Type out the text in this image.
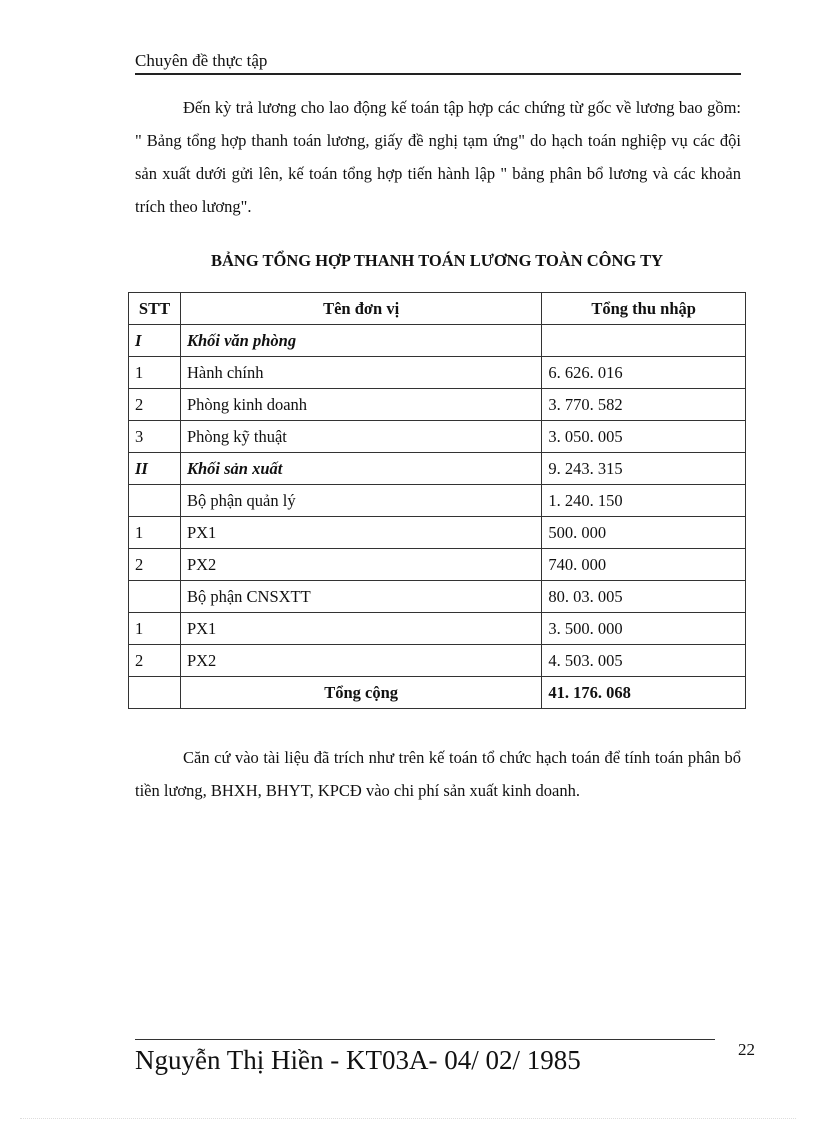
Chuyên đề thực tập

Đến kỳ trả lương cho lao động kế toán tập hợp các chứng từ gốc về lương bao gồm: " Bảng tổng hợp thanh toán lương, giấy đề nghị tạm ứng" do hạch toán nghiệp vụ các đội sản xuất dưới gửi lên, kế toán tổng hợp tiến hành lập " bảng phân bổ lương và các khoản trích theo lương".

BẢNG TỔNG HỢP THANH TOÁN LƯƠNG TOÀN CÔNG TY
STT	Tên đơn vị	Tổng thu nhập
I	Khối văn phòng	
1	Hành chính	6. 626. 016
2	Phòng kinh doanh	3. 770. 582
3	Phòng kỹ thuật	3. 050. 005
II	Khối sản xuất	9. 243. 315
	Bộ phận quản lý	1. 240. 150
1	PX1	500. 000
2	PX2	740. 000
	Bộ phận CNSXTT	80. 03. 005
1	PX1	3. 500. 000
2	PX2	4. 503. 005
	Tổng cộng	41. 176. 068

Căn cứ vào tài liệu đã trích như trên kế toán tổ chức hạch toán để tính toán phân bổ tiền lương, BHXH, BHYT, KPCĐ vào chi phí sản xuất kinh doanh.

Nguyễn Thị Hiền - KT03A- 04/ 02/ 1985	22
